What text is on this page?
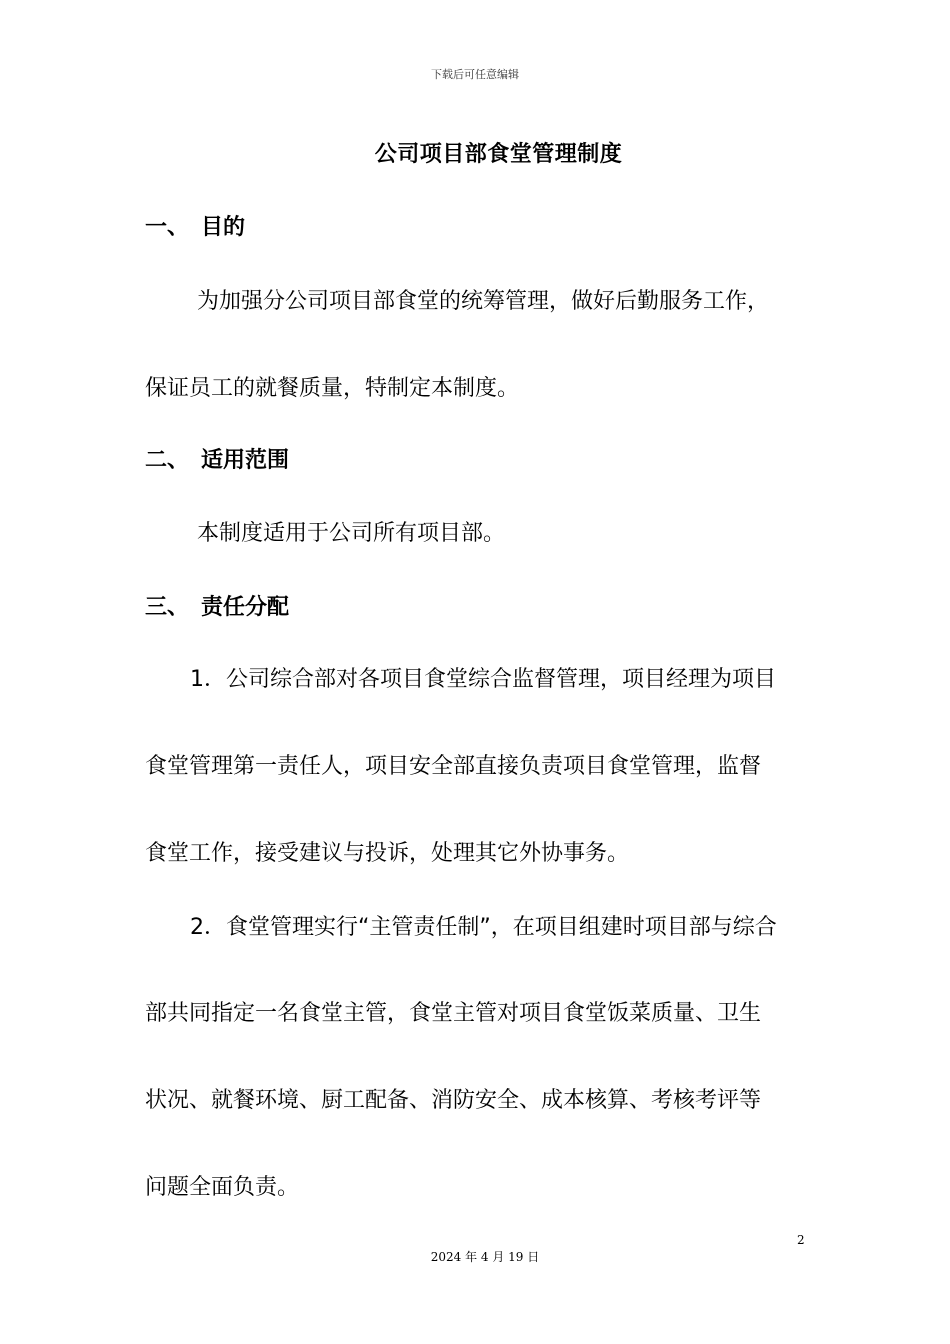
下载后可任意编辑
公司项目部食堂管理制度
一、 目的
为加强分公司项目部食堂的统筹管理，做好后勤服务工作，
保证员工的就餐质量，特制定本制度。
二、 适用范围
本制度适用于公司所有项目部。
三、 责任分配
1．公司综合部对各项目食堂综合监督管理，项目经理为项目
食堂管理第一责任人，项目安全部直接负责项目食堂管理，监督
食堂工作，接受建议与投诉，处理其它外协事务。
2．食堂管理实行“主管责任制”，在项目组建时项目部与综合
部共同指定一名食堂主管，食堂主管对项目食堂饭菜质量、卫生
状况、就餐环境、厨工配备、消防安全、成本核算、考核考评等
问题全面负责。
2
2024 年 4 月 19 日
